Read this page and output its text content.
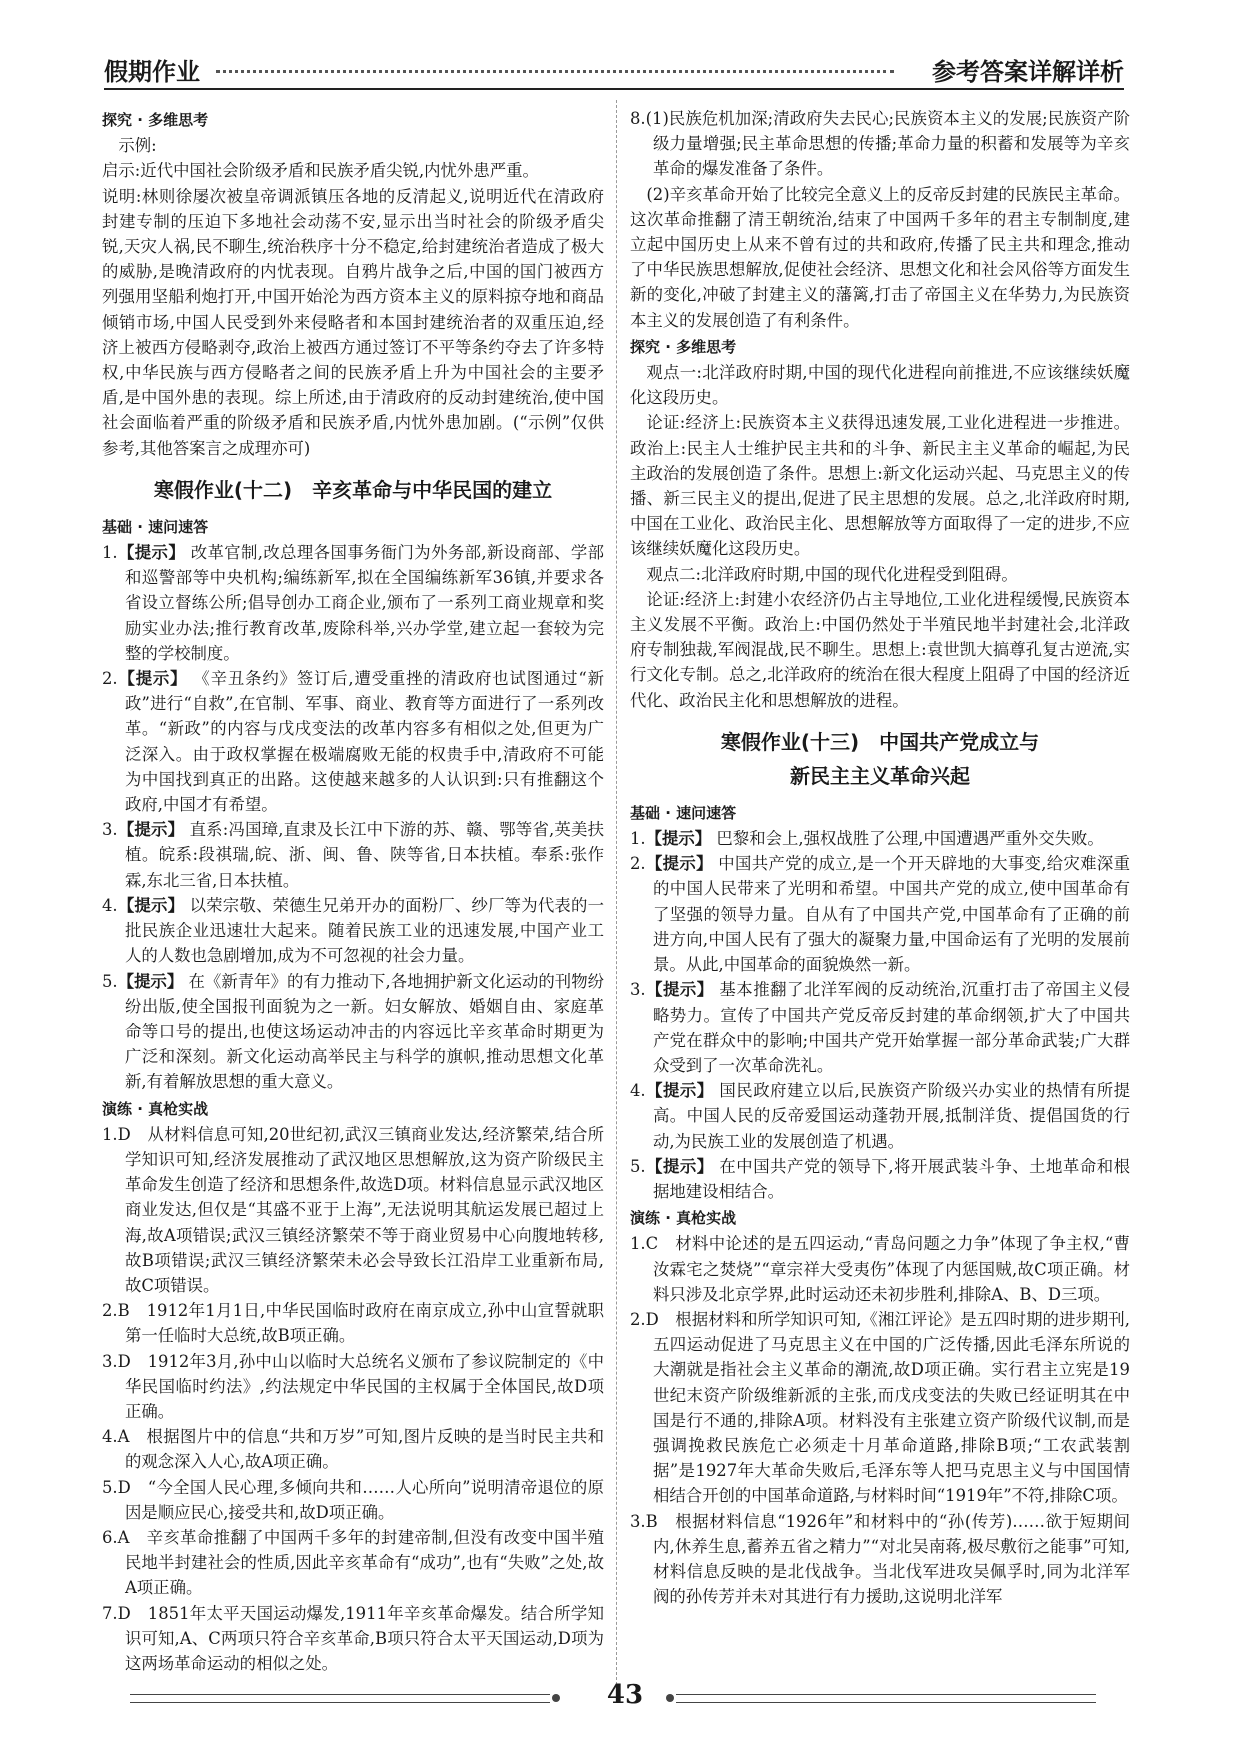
假期作业	参考答案详解详析
探究 · 多维思考

示例:

启示:近代中国社会阶级矛盾和民族矛盾尖锐,内忧外患严重。

说明:林则徐屡次被皇帝调派镇压各地的反清起义,说明近代在清政府封建专制的压迫下多地社会动荡不安,显示出当时社会的阶级矛盾尖锐,天灾人祸,民不聊生,统治秩序十分不稳定,给封建统治者造成了极大的威胁,是晚清政府的内忧表现。自鸦片战争之后,中国的国门被西方列强用坚船利炮打开,中国开始沦为西方资本主义的原料掠夺地和商品倾销市场,中国人民受到外来侵略者和本国封建统治者的双重压迫,经济上被西方侵略剥夺,政治上被西方通过签订不平等条约夺去了许多特权,中华民族与西方侵略者之间的民族矛盾上升为中国社会的主要矛盾,是中国外患的表现。综上所述,由于清政府的反动封建统治,使中国社会面临着严重的阶级矛盾和民族矛盾,内忧外患加剧。(“示例”仅供参考,其他答案言之成理亦可)

寒假作业(十二)　辛亥革命与中华民国的建立
基础 · 速问速答

1.【提示】 改革官制,改总理各国事务衙门为外务部,新设商部、学部和巡警部等中央机构;编练新军,拟在全国编练新军36镇,并要求各省设立督练公所;倡导创办工商企业,颁布了一系列工商业规章和奖励实业办法;推行教育改革,废除科举,兴办学堂,建立起一套较为完整的学校制度。

2.【提示】 《辛丑条约》签订后,遭受重挫的清政府也试图通过“新政”进行“自救”,在官制、军事、商业、教育等方面进行了一系列改革。“新政”的内容与戊戌变法的改革内容多有相似之处,但更为广泛深入。由于政权掌握在极端腐败无能的权贵手中,清政府不可能为中国找到真正的出路。这使越来越多的人认识到:只有推翻这个政府,中国才有希望。

3.【提示】 直系:冯国璋,直隶及长江中下游的苏、赣、鄂等省,英美扶植。皖系:段祺瑞,皖、浙、闽、鲁、陕等省,日本扶植。奉系:张作霖,东北三省,日本扶植。

4.【提示】 以荣宗敬、荣德生兄弟开办的面粉厂、纱厂等为代表的一批民族企业迅速壮大起来。随着民族工业的迅速发展,中国产业工人的人数也急剧增加,成为不可忽视的社会力量。

5.【提示】 在《新青年》的有力推动下,各地拥护新文化运动的刊物纷纷出版,使全国报刊面貌为之一新。妇女解放、婚姻自由、家庭革命等口号的提出,也使这场运动冲击的内容远比辛亥革命时期更为广泛和深刻。新文化运动高举民主与科学的旗帜,推动思想文化革新,有着解放思想的重大意义。

演练 · 真枪实战

1.D　从材料信息可知,20世纪初,武汉三镇商业发达,经济繁荣,结合所学知识可知,经济发展推动了武汉地区思想解放,这为资产阶级民主革命发生创造了经济和思想条件,故选D项。材料信息显示武汉地区商业发达,但仅是“其盛不亚于上海”,无法说明其航运发展已超过上海,故A项错误;武汉三镇经济繁荣不等于商业贸易中心向腹地转移,故B项错误;武汉三镇经济繁荣未必会导致长江沿岸工业重新布局,故C项错误。

2.B　1912年1月1日,中华民国临时政府在南京成立,孙中山宣誓就职第一任临时大总统,故B项正确。

3.D　1912年3月,孙中山以临时大总统名义颁布了参议院制定的《中华民国临时约法》,约法规定中华民国的主权属于全体国民,故D项正确。

4.A　根据图片中的信息“共和万岁”可知,图片反映的是当时民主共和的观念深入人心,故A项正确。

5.D　“今全国人民心理,多倾向共和……人心所向”说明清帝退位的原因是顺应民心,接受共和,故D项正确。

6.A　辛亥革命推翻了中国两千多年的封建帝制,但没有改变中国半殖民地半封建社会的性质,因此辛亥革命有“成功”,也有“失败”之处,故A项正确。

7.D　1851年太平天国运动爆发,1911年辛亥革命爆发。结合所学知识可知,A、C两项只符合辛亥革命,B项只符合太平天国运动,D项为这两场革命运动的相似之处。

8.(1)民族危机加深;清政府失去民心;民族资本主义的发展;民族资产阶级力量增强;民主革命思想的传播;革命力量的积蓄和发展等为辛亥革命的爆发准备了条件。

(2)辛亥革命开始了比较完全意义上的反帝反封建的民族民主革命。这次革命推翻了清王朝统治,结束了中国两千多年的君主专制制度,建立起中国历史上从来不曾有过的共和政府,传播了民主共和理念,推动了中华民族思想解放,促使社会经济、思想文化和社会风俗等方面发生新的变化,冲破了封建主义的藩篱,打击了帝国主义在华势力,为民族资本主义的发展创造了有利条件。

探究 · 多维思考

观点一:北洋政府时期,中国的现代化进程向前推进,不应该继续妖魔化这段历史。

论证:经济上:民族资本主义获得迅速发展,工业化进程进一步推进。政治上:民主人士维护民主共和的斗争、新民主主义革命的崛起,为民主政治的发展创造了条件。思想上:新文化运动兴起、马克思主义的传播、新三民主义的提出,促进了民主思想的发展。总之,北洋政府时期,中国在工业化、政治民主化、思想解放等方面取得了一定的进步,不应该继续妖魔化这段历史。

观点二:北洋政府时期,中国的现代化进程受到阻碍。

论证:经济上:封建小农经济仍占主导地位,工业化进程缓慢,民族资本主义发展不平衡。政治上:中国仍然处于半殖民地半封建社会,北洋政府专制独裁,军阀混战,民不聊生。思想上:袁世凯大搞尊孔复古逆流,实行文化专制。总之,北洋政府的统治在很大程度上阻碍了中国的经济近代化、政治民主化和思想解放的进程。

寒假作业(十三)　中国共产党成立与
新民主主义革命兴起
基础 · 速问速答

1.【提示】 巴黎和会上,强权战胜了公理,中国遭遇严重外交失败。

2.【提示】 中国共产党的成立,是一个开天辟地的大事变,给灾难深重的中国人民带来了光明和希望。中国共产党的成立,使中国革命有了坚强的领导力量。自从有了中国共产党,中国革命有了正确的前进方向,中国人民有了强大的凝聚力量,中国命运有了光明的发展前景。从此,中国革命的面貌焕然一新。

3.【提示】 基本推翻了北洋军阀的反动统治,沉重打击了帝国主义侵略势力。宣传了中国共产党反帝反封建的革命纲领,扩大了中国共产党在群众中的影响;中国共产党开始掌握一部分革命武装;广大群众受到了一次革命洗礼。

4.【提示】 国民政府建立以后,民族资产阶级兴办实业的热情有所提高。中国人民的反帝爱国运动蓬勃开展,抵制洋货、提倡国货的行动,为民族工业的发展创造了机遇。

5.【提示】 在中国共产党的领导下,将开展武装斗争、土地革命和根据地建设相结合。

演练 · 真枪实战

1.C　材料中论述的是五四运动,“青岛问题之力争”体现了争主权,“曹汝霖宅之焚烧”“章宗祥大受夷伤”体现了内惩国贼,故C项正确。材料只涉及北京学界,此时运动还未初步胜利,排除A、B、D三项。

2.D　根据材料和所学知识可知,《湘江评论》是五四时期的进步期刊,五四运动促进了马克思主义在中国的广泛传播,因此毛泽东所说的大潮就是指社会主义革命的潮流,故D项正确。实行君主立宪是19世纪末资产阶级维新派的主张,而戊戌变法的失败已经证明其在中国是行不通的,排除A项。材料没有主张建立资产阶级代议制,而是强调挽救民族危亡必须走十月革命道路,排除B项;“工农武装割据”是1927年大革命失败后,毛泽东等人把马克思主义与中国国情相结合开创的中国革命道路,与材料时间“1919年”不符,排除C项。

3.B　根据材料信息“1926年”和材料中的“孙(传芳)……欲于短期间内,休养生息,蓄养五省之精力”“对北吴南蒋,极尽敷衍之能事”可知,材料信息反映的是北伐战争。当北伐军进攻吴佩孚时,同为北洋军阀的孙传芳并未对其进行有力援助,这说明北洋军

43
